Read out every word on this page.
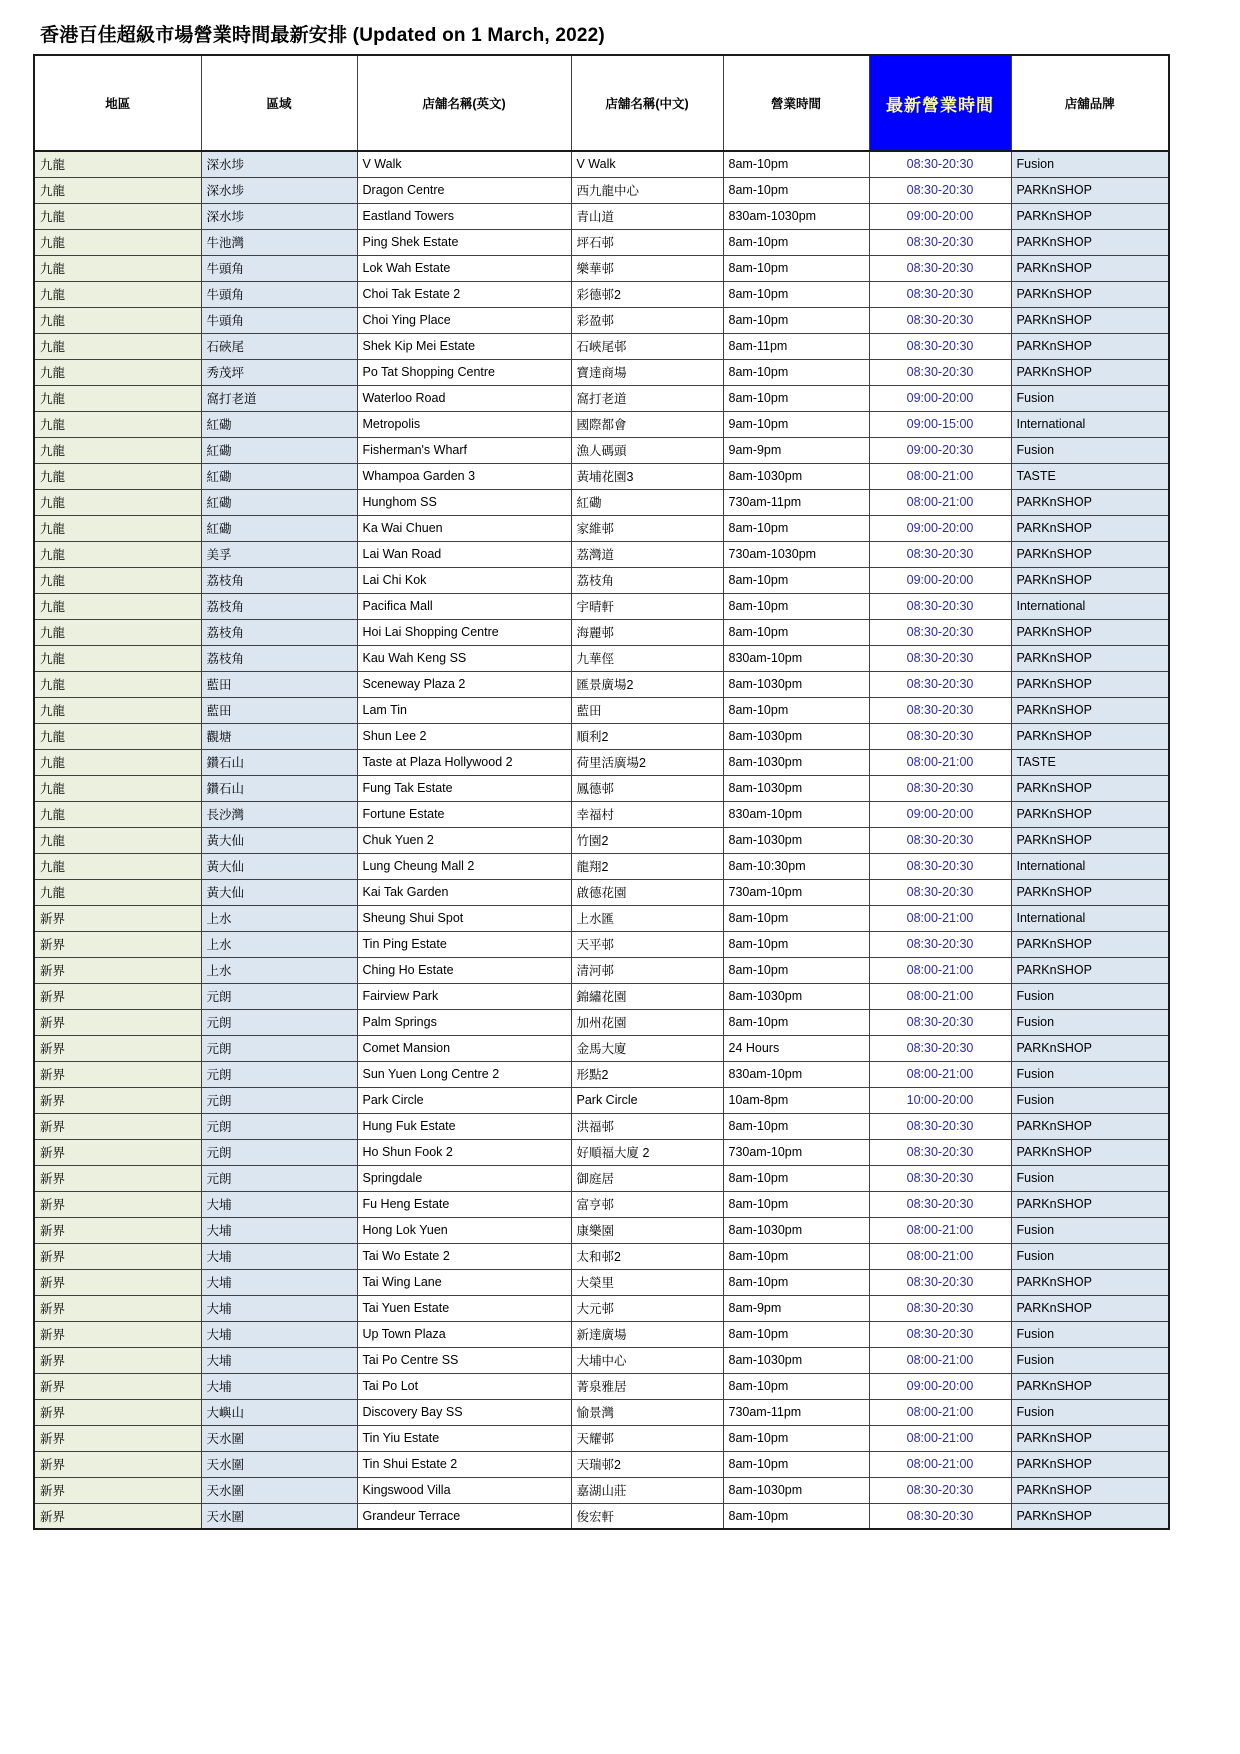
香港百佳超級市場營業時間最新安排 (Updated on 1 March, 2022)
地區	區域	店舖名稱(英文)	店舖名稱(中文)	營業時間	最新營業時間	店舖品牌
九龍	深水埗	V Walk	V Walk	8am-10pm	08:30-20:30	Fusion
九龍	深水埗	Dragon Centre	西九龍中心	8am-10pm	08:30-20:30	PARKnSHOP
九龍	深水埗	Eastland Towers	青山道	830am-1030pm	09:00-20:00	PARKnSHOP
九龍	牛池灣	Ping Shek Estate	坪石邨	8am-10pm	08:30-20:30	PARKnSHOP
九龍	牛頭角	Lok Wah Estate	樂華邨	8am-10pm	08:30-20:30	PARKnSHOP
九龍	牛頭角	Choi Tak Estate 2	彩德邨2	8am-10pm	08:30-20:30	PARKnSHOP
九龍	牛頭角	Choi Ying Place	彩盈邨	8am-10pm	08:30-20:30	PARKnSHOP
九龍	石硤尾	Shek Kip Mei Estate	石峽尾邨	8am-11pm	08:30-20:30	PARKnSHOP
九龍	秀茂坪	Po Tat Shopping Centre	寶達商場	8am-10pm	08:30-20:30	PARKnSHOP
九龍	窩打老道	Waterloo Road	窩打老道	8am-10pm	09:00-20:00	Fusion
九龍	紅磡	Metropolis	國際都會	9am-10pm	09:00-15:00	International
九龍	紅磡	Fisherman's Wharf	漁人碼頭	9am-9pm	09:00-20:30	Fusion
九龍	紅磡	Whampoa Garden 3	黃埔花園3	8am-1030pm	08:00-21:00	TASTE
九龍	紅磡	Hunghom SS	紅磡	730am-11pm	08:00-21:00	PARKnSHOP
九龍	紅磡	Ka Wai Chuen	家維邨	8am-10pm	09:00-20:00	PARKnSHOP
九龍	美孚	Lai Wan Road	荔灣道	730am-1030pm	08:30-20:30	PARKnSHOP
九龍	荔枝角	Lai Chi Kok	荔枝角	8am-10pm	09:00-20:00	PARKnSHOP
九龍	荔枝角	Pacifica Mall	宇晴軒	8am-10pm	08:30-20:30	International
九龍	荔枝角	Hoi Lai Shopping Centre	海麗邨	8am-10pm	08:30-20:30	PARKnSHOP
九龍	荔枝角	Kau Wah Keng SS	九華俓	830am-10pm	08:30-20:30	PARKnSHOP
九龍	藍田	Sceneway Plaza 2	匯景廣場2	8am-1030pm	08:30-20:30	PARKnSHOP
九龍	藍田	Lam Tin	藍田	8am-10pm	08:30-20:30	PARKnSHOP
九龍	觀塘	Shun Lee 2	順利2	8am-1030pm	08:30-20:30	PARKnSHOP
九龍	鑽石山	Taste at Plaza Hollywood 2	荷里活廣場2	8am-1030pm	08:00-21:00	TASTE
九龍	鑽石山	Fung Tak Estate	鳳德邨	8am-1030pm	08:30-20:30	PARKnSHOP
九龍	長沙灣	Fortune Estate	幸福村	830am-10pm	09:00-20:00	PARKnSHOP
九龍	黃大仙	Chuk Yuen 2	竹園2	8am-1030pm	08:30-20:30	PARKnSHOP
九龍	黃大仙	Lung Cheung Mall 2	龍翔2	8am-10:30pm	08:30-20:30	International
九龍	黃大仙	Kai Tak Garden	啟德花園	730am-10pm	08:30-20:30	PARKnSHOP
新界	上水	Sheung Shui Spot	上水匯	8am-10pm	08:00-21:00	International
新界	上水	Tin Ping Estate	天平邨	8am-10pm	08:30-20:30	PARKnSHOP
新界	上水	Ching Ho Estate	清河邨	8am-10pm	08:00-21:00	PARKnSHOP
新界	元朗	Fairview Park	錦繡花園	8am-1030pm	08:00-21:00	Fusion
新界	元朗	Palm Springs	加州花園	8am-10pm	08:30-20:30	Fusion
新界	元朗	Comet Mansion	金馬大廈	24 Hours	08:30-20:30	PARKnSHOP
新界	元朗	Sun Yuen Long Centre 2	形點2	830am-10pm	08:00-21:00	Fusion
新界	元朗	Park Circle	Park Circle	10am-8pm	10:00-20:00	Fusion
新界	元朗	Hung Fuk Estate	洪福邨	8am-10pm	08:30-20:30	PARKnSHOP
新界	元朗	Ho Shun Fook 2	好順福大廈 2	730am-10pm	08:30-20:30	PARKnSHOP
新界	元朗	Springdale	御庭居	8am-10pm	08:30-20:30	Fusion
新界	大埔	Fu Heng Estate	富亨邨	8am-10pm	08:30-20:30	PARKnSHOP
新界	大埔	Hong Lok Yuen	康樂園	8am-1030pm	08:00-21:00	Fusion
新界	大埔	Tai Wo Estate 2	太和邨2	8am-10pm	08:00-21:00	Fusion
新界	大埔	Tai Wing Lane	大榮里	8am-10pm	08:30-20:30	PARKnSHOP
新界	大埔	Tai Yuen Estate	大元邨	8am-9pm	08:30-20:30	PARKnSHOP
新界	大埔	Up Town Plaza	新達廣場	8am-10pm	08:30-20:30	Fusion
新界	大埔	Tai Po Centre SS	大埔中心	8am-1030pm	08:00-21:00	Fusion
新界	大埔	Tai Po Lot	菁泉雅居	8am-10pm	09:00-20:00	PARKnSHOP
新界	大嶼山	Discovery Bay SS	愉景灣	730am-11pm	08:00-21:00	Fusion
新界	天水圍	Tin Yiu Estate	天耀邨	8am-10pm	08:00-21:00	PARKnSHOP
新界	天水圍	Tin Shui Estate 2	天瑞邨2	8am-10pm	08:00-21:00	PARKnSHOP
新界	天水圍	Kingswood Villa	嘉湖山莊	8am-1030pm	08:30-20:30	PARKnSHOP
新界	天水圍	Grandeur Terrace	俊宏軒	8am-10pm	08:30-20:30	PARKnSHOP
